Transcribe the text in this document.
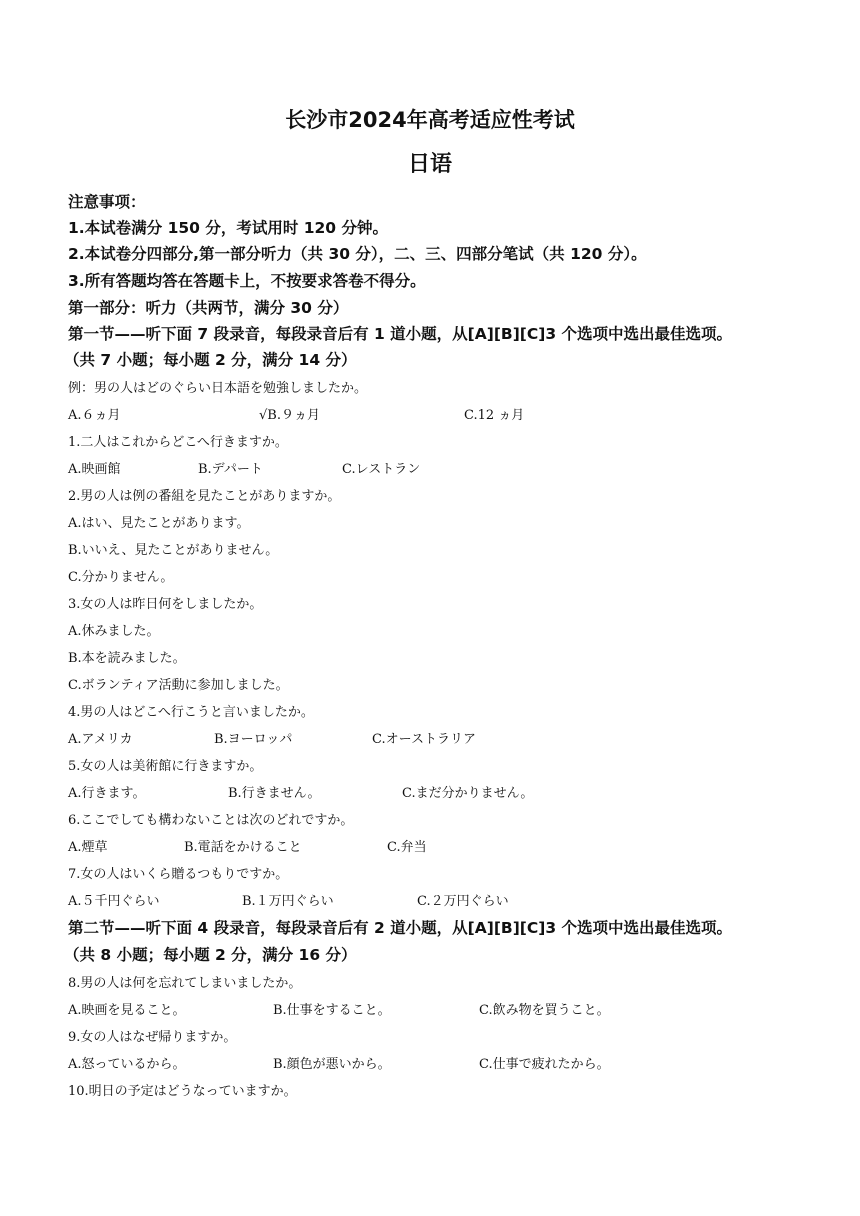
长沙市2024年高考适应性考试
日语
注意事项：
1.本试卷满分 150 分，考试用时 120 分钟。
2.本试卷分四部分,第一部分听力（共 30 分），二、三、四部分笔试（共 120 分）。
3.所有答题均答在答题卡上，不按要求答卷不得分。
第一部分：听力（共两节，满分 30 分）
第一节——听下面 7 段录音，每段录音后有 1 道小题，从[A][B][C]3 个选项中选出最佳选项。
（共 7 小题；每小题 2 分，满分 14 分）
例：男の人はどのぐらい日本語を勉強しましたか。
A.６ヵ月	√B.９ヵ月	C.12 ヵ月
1.二人はこれからどこへ行きますか。
A.映画館	B.デパート	C.レストラン
2.男の人は例の番組を見たことがありますか。
A.はい、見たことがあります。
B.いいえ、見たことがありません。
C.分かりません。
3.女の人は昨日何をしましたか。
A.休みました。
B.本を読みました。
C.ボランティア活動に参加しました。
4.男の人はどこへ行こうと言いましたか。
A.アメリカ	B.ヨーロッパ	C.オーストラリア
5.女の人は美術館に行きますか。
A.行きます。	B.行きません。	C.まだ分かりません。
6.ここでしても構わないことは次のどれですか。
A.煙草	B.電話をかけること	C.弁当
7.女の人はいくら贈るつもりですか。
A.５千円ぐらい	B.１万円ぐらい	C.２万円ぐらい
第二节——听下面 4 段录音，每段录音后有 2 道小题，从[A][B][C]3 个选项中选出最佳选项。
（共 8 小题；每小题 2 分，满分 16 分）
8.男の人は何を忘れてしまいましたか。
A.映画を見ること。	B.仕事をすること。	C.飲み物を買うこと。
9.女の人はなぜ帰りますか。
A.怒っているから。	B.顔色が悪いから。	C.仕事で疲れたから。
10.明日の予定はどうなっていますか。
